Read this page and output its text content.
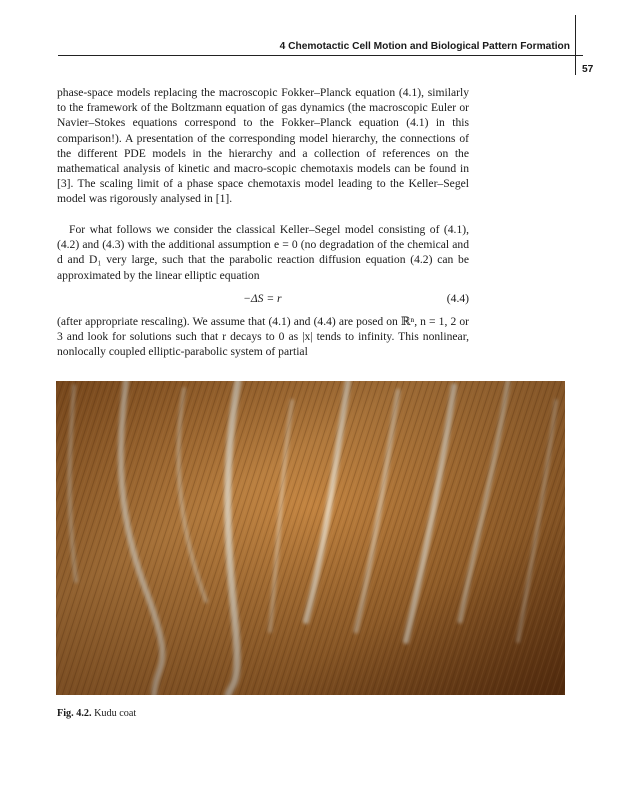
4 Chemotactic Cell Motion and Biological Pattern Formation
57

phase-space models replacing the macroscopic Fokker–Planck equation (4.1), similarly to the framework of the Boltzmann equation of gas dynamics (the macroscopic Euler or Navier–Stokes equations correspond to the Fokker–Planck equation (4.1) in this comparison!). A presentation of the corresponding model hierarchy, the connections of the different PDE models in the hierarchy and a collection of references on the mathematical analysis of kinetic and macro-scopic chemotaxis models can be found in [3]. The scaling limit of a phase space chemotaxis model leading to the Keller–Segel model was rigorously analysed in [1].

For what follows we consider the classical Keller–Segel model consisting of (4.1), (4.2) and (4.3) with the additional assumption e = 0 (no degradation of the chemical and d and D₁ very large, such that the parabolic reaction diffusion equation (4.2) can be approximated by the linear elliptic equation

−ΔS = r	(4.4)

(after appropriate rescaling). We assume that (4.1) and (4.4) are posed on ℝⁿ, n = 1, 2 or 3 and look for solutions such that r decays to 0 as |x| tends to infinity. This nonlinear, nonlocally coupled elliptic-parabolic system of partial

Fig. 4.2. Kudu coat
